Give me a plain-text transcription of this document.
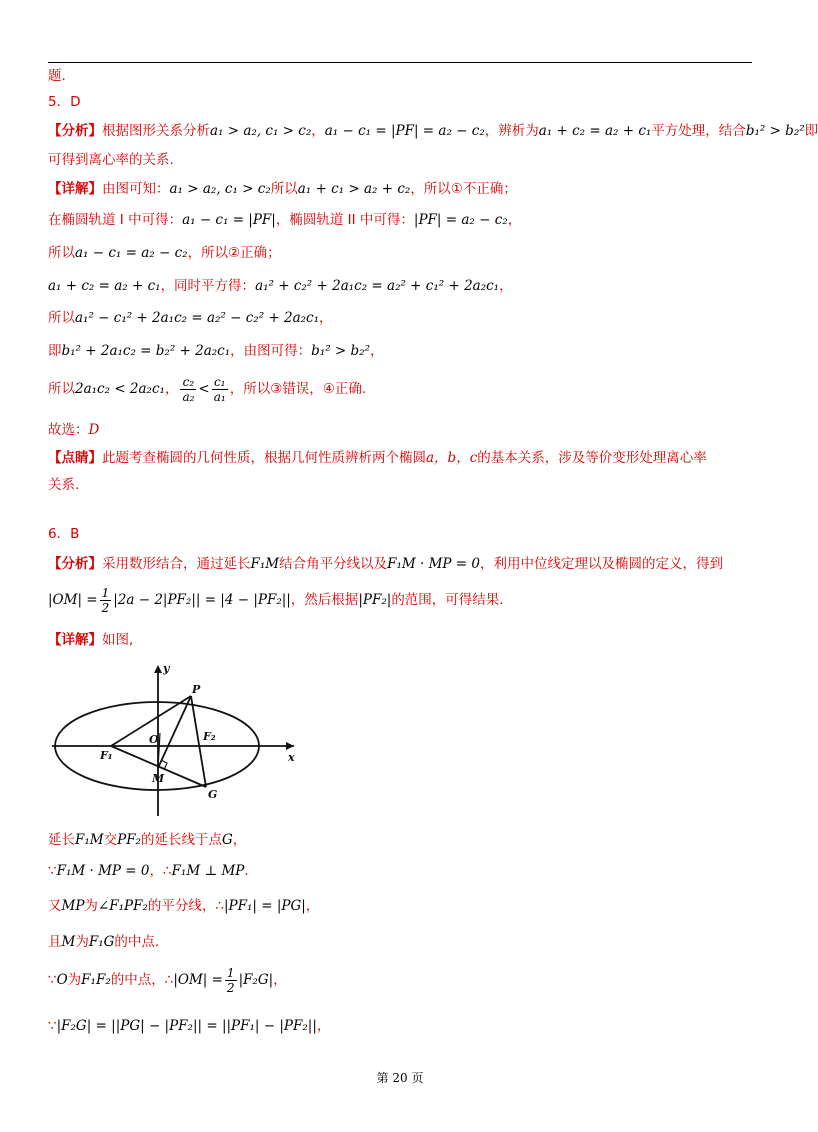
题.
5．D
【分析】根据图形关系分析a₁ > a₂, c₁ > c₂，a₁ − c₁ = |PF| = a₂ − c₂，辨析为a₁ + c₂ = a₂ + c₁平方处理，结合b₁² > b₂²即
可得到离心率的关系.
【详解】由图可知：a₁ > a₂, c₁ > c₂所以a₁ + c₁ > a₂ + c₂，所以①不正确；
在椭圆轨道 I 中可得：a₁ − c₁ = |PF|，椭圆轨道 II 中可得：|PF| = a₂ − c₂，
所以a₁ − c₁ = a₂ − c₂，所以②正确；
a₁ + c₂ = a₂ + c₁，同时平方得：a₁² + c₂² + 2a₁c₂ = a₂² + c₁² + 2a₂c₁，
所以a₁² − c₁² + 2a₁c₂ = a₂² − c₂² + 2a₂c₁，
即b₁² + 2a₁c₂ = b₂² + 2a₂c₁，由图可得：b₁² > b₂²，
所以2a₁c₂ < 2a₂c₁， $\frac{\text{c₂}}{\text{a₂}} < \frac{\text{c₁}}{\text{a₁}}$ ，所以③错误，④正确.
故选：D
【点睛】此题考查椭圆的几何性质，根据几何性质辨析两个椭圆a，b，c的基本关系，涉及等价变形处理离心率
关系.
6．B
【分析】采用数形结合，通过延长F₁M结合角平分线以及F₁M · MP = 0，利用中位线定理以及椭圆的定义，得到
$|OM| = \frac{1}{2} |2a - 2|PF_2|| = |4 - |PF_2||$，然后根据|PF₂|的范围，可得结果.
【详解】如图,
y
x
P
O
F₁
F₂
M
G
延长F₁M交PF₂的延长线于点G，
∵F₁M · MP = 0，∴F₁M ⊥ MP.
又MP为∠F₁PF₂的平分线，∴|PF₁| = |PG|，
且M为F₁G的中点.
∵O为F₁F₂的中点，∴|OM| = $\frac{1}{2} |F_2G|$，
∵|F₂G| = ||PG| − |PF₂|| = ||PF₁| − |PF₂||，
第 20 页
